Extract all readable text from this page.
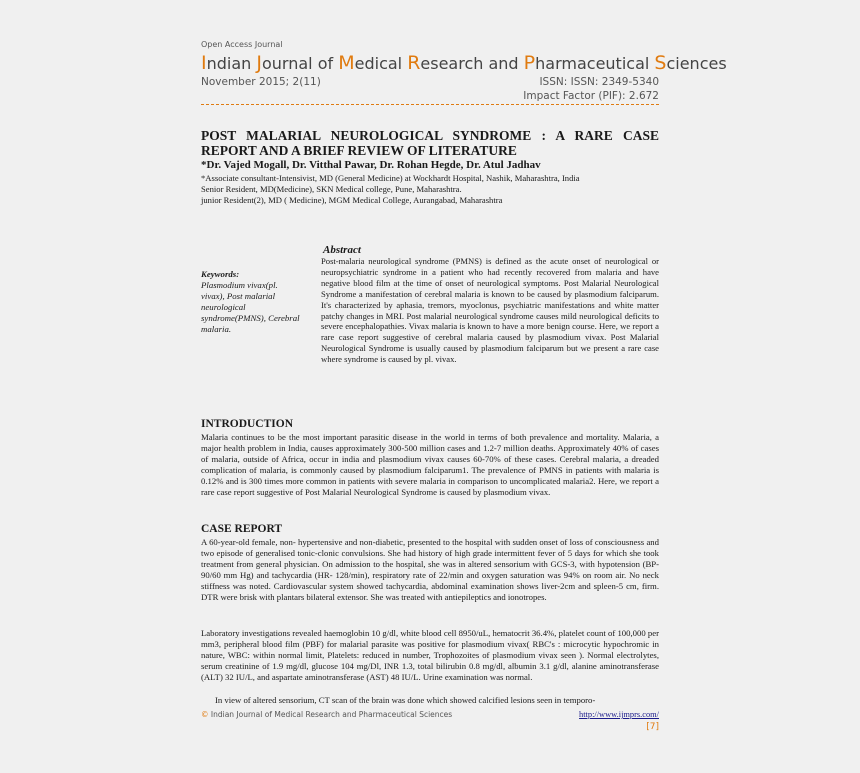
Open Access Journal
Indian Journal of Medical Research and Pharmaceutical Sciences
November 2015; 2(11)	ISSN: ISSN: 2349-5340
Impact Factor (PIF): 2.672
POST MALARIAL NEUROLOGICAL SYNDROME : A RARE CASE REPORT AND A BRIEF REVIEW OF LITERATURE
*Dr. Vajed Mogall, Dr. Vitthal Pawar, Dr. Rohan Hegde, Dr. Atul Jadhav
*Associate consultant-Intensivist, MD (General Medicine) at Wockhardt Hospital, Nashik, Maharashtra, India
Senior Resident, MD(Medicine), SKN Medical college, Pune, Maharashtra.
junior Resident(2), MD ( Medicine), MGM Medical College, Aurangabad, Maharashtra
Abstract
Post-malaria neurological syndrome (PMNS) is defined as the acute onset of neurological or neuropsychiatric syndrome in a patient who had recently recovered from malaria and have negative blood film at the time of onset of neurological symptoms. Post Malarial Neurological Syndrome a manifestation of cerebral malaria is known to be caused by plasmodium falciparum. It's characterized by aphasia, tremors, myoclonus, psychiatric manifestations and white matter patchy changes in MRI. Post malarial neurological syndrome causes mild neurological deficits to severe encephalopathies. Vivax malaria is known to have a more benign course. Here, we report a rare case report suggestive of cerebral malaria caused by plasmodium vivax. Post Malarial Neurological Syndrome is usually caused by plasmodium falciparum but we present a rare case where syndrome is caused by pl. vivax.
Keywords:
Plasmodium vivax(pl. vivax), Post malarial neurological syndrome(PMNS), Cerebral malaria.
INTRODUCTION
Malaria continues to be the most important parasitic disease in the world in terms of both prevalence and mortality. Malaria, a major health problem in India, causes approximately 300-500 million cases and 1.2-7 million deaths. Approximately 40% of cases of malaria, outside of Africa, occur in india and plasmodium vivax causes 60-70% of these cases. Cerebral malaria, a dreaded complication of malaria, is commonly caused by plasmodium falciparum1. The prevalence of PMNS in patients with malaria is 0.12% and is 300 times more common in patients with severe malaria in comparison to uncomplicated malaria2. Here, we report a rare case report suggestive of Post Malarial Neurological Syndrome is caused by plasmodium vivax.
CASE REPORT
A 60-year-old female, non- hypertensive and non-diabetic, presented to the hospital with sudden onset of loss of consciousness and two episode of generalised tonic-clonic convulsions. She had history of high grade intermittent fever of 5 days for which she took treatment from general physician. On admission to the hospital, she was in altered sensorium with GCS-3, with hypotension (BP- 90/60 mm Hg) and tachycardia (HR- 128/min), respiratory rate of 22/min and oxygen saturation was 94% on room air. No neck stiffness was noted. Cardiovascular system showed tachycardia, abdominal examination shows liver-2cm and spleen-5 cm, firm. DTR were brisk with plantars bilateral extensor. She was treated with antiepileptics and ionotropes.
Laboratory investigations revealed haemoglobin 10 g/dl, white blood cell 8950/uL, hematocrit 36.4%, platelet count of 100,000 per mm3, peripheral blood film (PBF) for malarial parasite was positive for plasmodium vivax( RBC's : microcytic hypochromic in nature, WBC: within normal limit, Platelets: reduced in number, Trophozoites of plasmodium vivax seen ). Normal electrolytes, serum creatinine of 1.9 mg/dl, glucose 104 mg/Dl, INR 1.3, total bilirubin 0.8 mg/dl, albumin 3.1 g/dl, alanine aminotransferase (ALT) 32 IU/L, and aspartate aminotransferase (AST) 48 IU/L. Urine examination was normal.
In view of altered sensorium, CT scan of the brain was done which showed calcified lesions seen in temporo-
© Indian Journal of Medical Research and Pharmaceutical Sciences	http://www.ijmprs.com/
[7]
